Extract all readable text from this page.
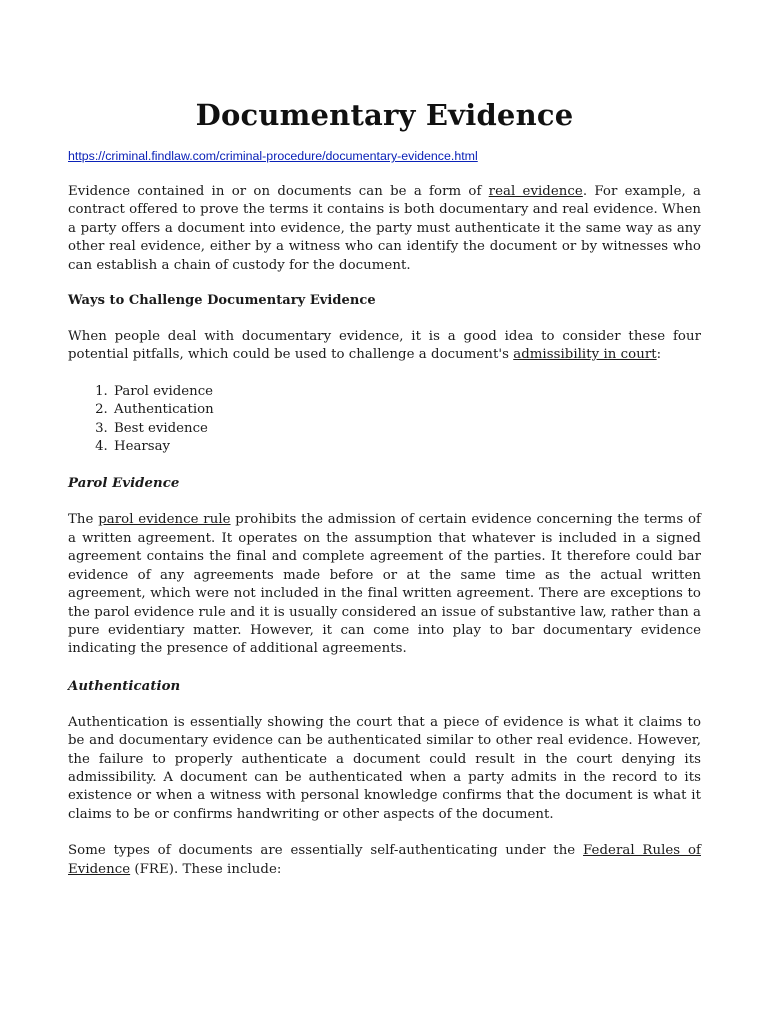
Documentary Evidence
https://criminal.findlaw.com/criminal-procedure/documentary-evidence.html

Evidence contained in or on documents can be a form of real evidence. For example, a contract offered to prove the terms it contains is both documentary and real evidence. When a party offers a document into evidence, the party must authenticate it the same way as any other real evidence, either by a witness who can identify the document or by witnesses who can establish a chain of custody for the document.

Ways to Challenge Documentary Evidence

When people deal with documentary evidence, it is a good idea to consider these four potential pitfalls, which could be used to challenge a document's admissibility in court:

1. Parol evidence
2. Authentication
3. Best evidence
4. Hearsay

Parol Evidence

The parol evidence rule prohibits the admission of certain evidence concerning the terms of a written agreement. It operates on the assumption that whatever is included in a signed agreement contains the final and complete agreement of the parties. It therefore could bar evidence of any agreements made before or at the same time as the actual written agreement, which were not included in the final written agreement. There are exceptions to the parol evidence rule and it is usually considered an issue of substantive law, rather than a pure evidentiary matter. However, it can come into play to bar documentary evidence indicating the presence of additional agreements.

Authentication

Authentication is essentially showing the court that a piece of evidence is what it claims to be and documentary evidence can be authenticated similar to other real evidence. However, the failure to properly authenticate a document could result in the court denying its admissibility. A document can be authenticated when a party admits in the record to its existence or when a witness with personal knowledge confirms that the document is what it claims to be or confirms handwriting or other aspects of the document.

Some types of documents are essentially self-authenticating under the Federal Rules of Evidence (FRE). These include:
